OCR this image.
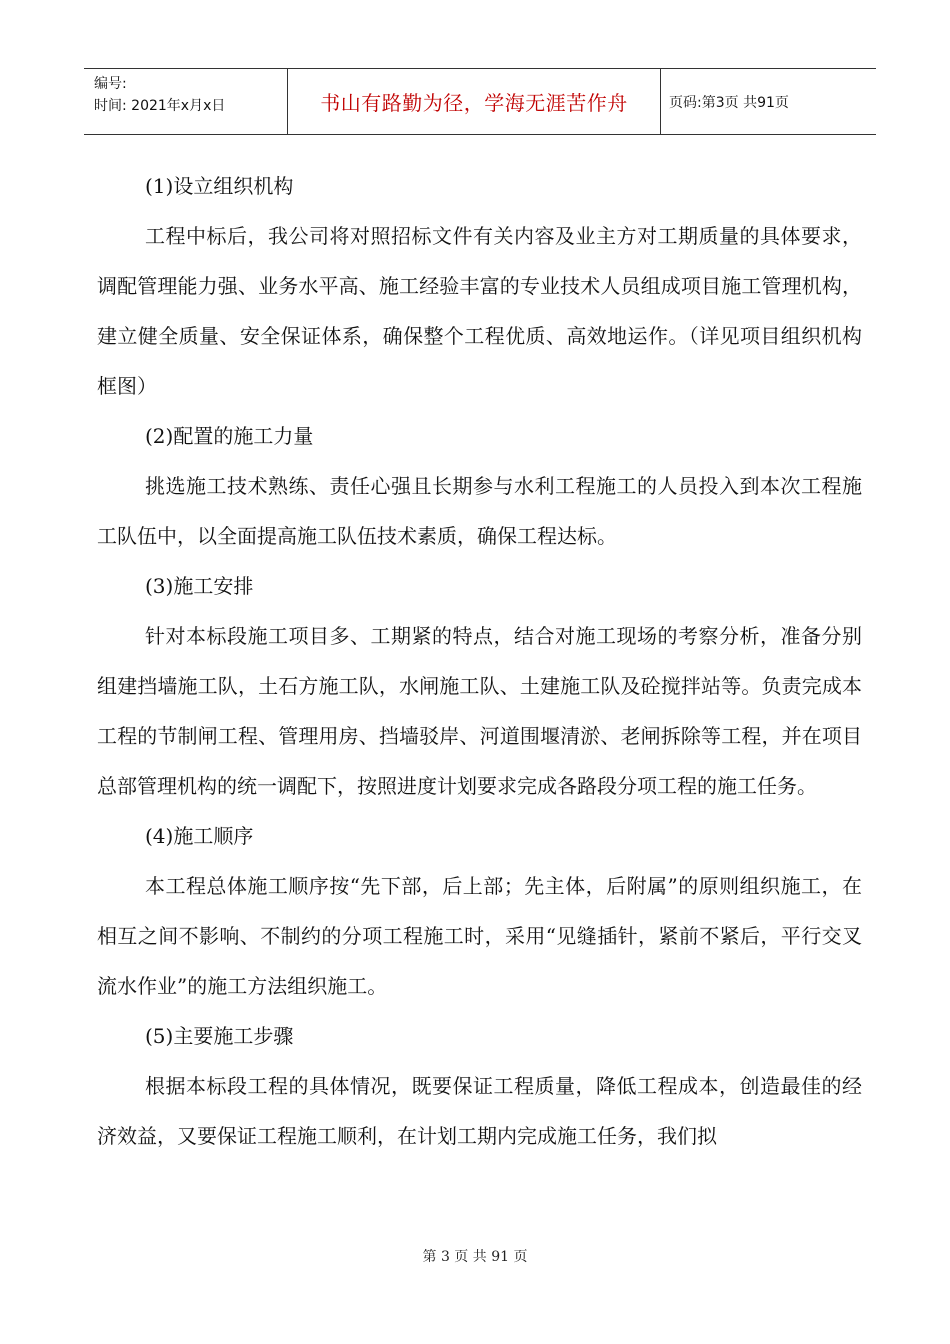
编号:
时间: 2021年x月x日	书山有路勤为径，学海无涯苦作舟	页码:第3页 共91页

(1)设立组织机构

工程中标后，我公司将对照招标文件有关内容及业主方对工期质量的具体要求，调配管理能力强、业务水平高、施工经验丰富的专业技术人员组成项目施工管理机构，建立健全质量、安全保证体系，确保整个工程优质、高效地运作。（详见项目组织机构框图）

(2)配置的施工力量

挑选施工技术熟练、责任心强且长期参与水利工程施工的人员投入到本次工程施工队伍中，以全面提高施工队伍技术素质，确保工程达标。

(3)施工安排

针对本标段施工项目多、工期紧的特点，结合对施工现场的考察分析，准备分别组建挡墙施工队，土石方施工队，水闸施工队、土建施工队及砼搅拌站等。负责完成本工程的节制闸工程、管理用房、挡墙驳岸、河道围堰清淤、老闸拆除等工程，并在项目总部管理机构的统一调配下，按照进度计划要求完成各路段分项工程的施工任务。

(4)施工顺序

本工程总体施工顺序按“先下部，后上部；先主体，后附属”的原则组织施工，在相互之间不影响、不制约的分项工程施工时，采用“见缝插针，紧前不紧后，平行交叉流水作业”的施工方法组织施工。

(5)主要施工步骤

根据本标段工程的具体情况，既要保证工程质量，降低工程成本，创造最佳的经济效益，又要保证工程施工顺利，在计划工期内完成施工任务，我们拟

第 3 页 共 91 页
